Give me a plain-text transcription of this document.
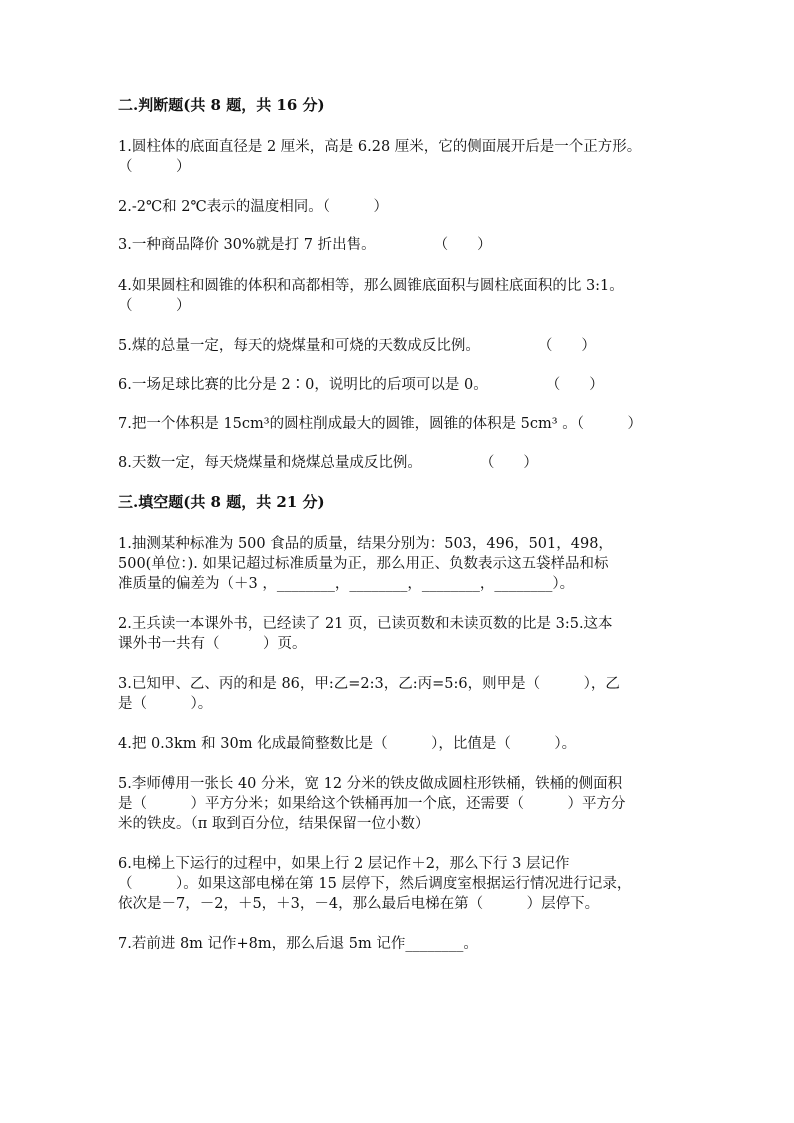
二.判断题(共 8 题，共 16 分)

1.圆柱体的底面直径是 2 厘米，高是 6.28 厘米，它的侧面展开后是一个正方形。

（　　　）

2.-2℃和 2℃表示的温度相同。（　　　）

3.一种商品降价 30%就是打 7 折出售。　　　　　（　　）

4.如果圆柱和圆锥的体积和高都相等，那么圆锥底面积与圆柱底面积的比 3:1。

（　　　）

5.煤的总量一定，每天的烧煤量和可烧的天数成反比例。　　　　　（　　）

6.一场足球比赛的比分是 2∶0，说明比的后项可以是 0。　　　　　（　　）

7.把一个体积是 15cm³的圆柱削成最大的圆锥，圆锥的体积是 5cm³ 。（　　　）

8.天数一定，每天烧煤量和烧煤总量成反比例。　　　　　（　　）

三.填空题(共 8 题，共 21 分)

1.抽测某种标准为 500 食品的质量，结果分别为：503，496，501，498，

500(单位：). 如果记超过标准质量为正，那么用正、负数表示这五袋样品和标

准质量的偏差为（＋3 ，________，________，________，________）。

2.王兵读一本课外书，已经读了 21 页，已读页数和未读页数的比是 3:5.这本

课外书一共有（　　　）页。

3.已知甲、乙、丙的和是 86，甲:乙=2:3，乙:丙=5:6，则甲是（　　　），乙

是（　　　）。

4.把 0.3km 和 30m 化成最简整数比是（　　　），比值是（　　　）。

5.李师傅用一张长 40 分米，宽 12 分米的铁皮做成圆柱形铁桶，铁桶的侧面积

是（　　　）平方分米；如果给这个铁桶再加一个底，还需要（　　　）平方分

米的铁皮。（π 取到百分位，结果保留一位小数）

6.电梯上下运行的过程中，如果上行 2 层记作＋2，那么下行 3 层记作

（　　　）。如果这部电梯在第 15 层停下，然后调度室根据运行情况进行记录，

依次是－7，－2，＋5，＋3，－4，那么最后电梯在第（　　　）层停下。

7.若前进 8m 记作+8m，那么后退 5m 记作________。
